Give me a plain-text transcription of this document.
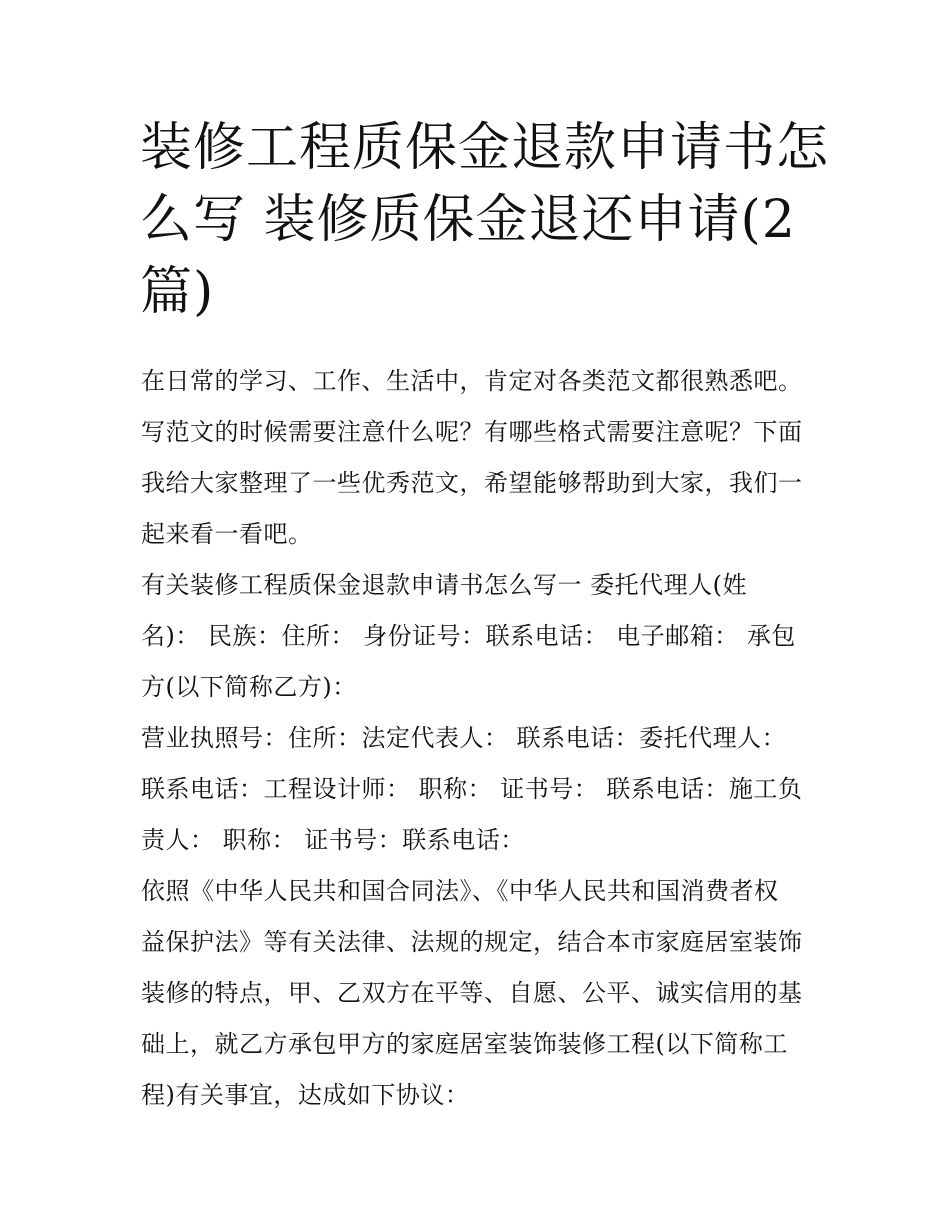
装修工程质保金退款申请书怎
么写 装修质保金退还申请(2
篇)
在日常的学习、工作、生活中，肯定对各类范文都很熟悉吧。
写范文的时候需要注意什么呢？有哪些格式需要注意呢？下面
我给大家整理了一些优秀范文，希望能够帮助到大家，我们一
起来看一看吧。
有关装修工程质保金退款申请书怎么写一 委托代理人(姓
名)： 民族：住所： 身份证号：联系电话： 电子邮箱： 承包
方(以下简称乙方)：
营业执照号：住所：法定代表人： 联系电话：委托代理人：
联系电话：工程设计师： 职称： 证书号： 联系电话：施工负
责人： 职称： 证书号：联系电话：
依照《中华人民共和国合同法》、《中华人民共和国消费者权
益保护法》等有关法律、法规的规定，结合本市家庭居室装饰
装修的特点，甲、乙双方在平等、自愿、公平、诚实信用的基
础上，就乙方承包甲方的家庭居室装饰装修工程(以下简称工
程)有关事宜，达成如下协议：
